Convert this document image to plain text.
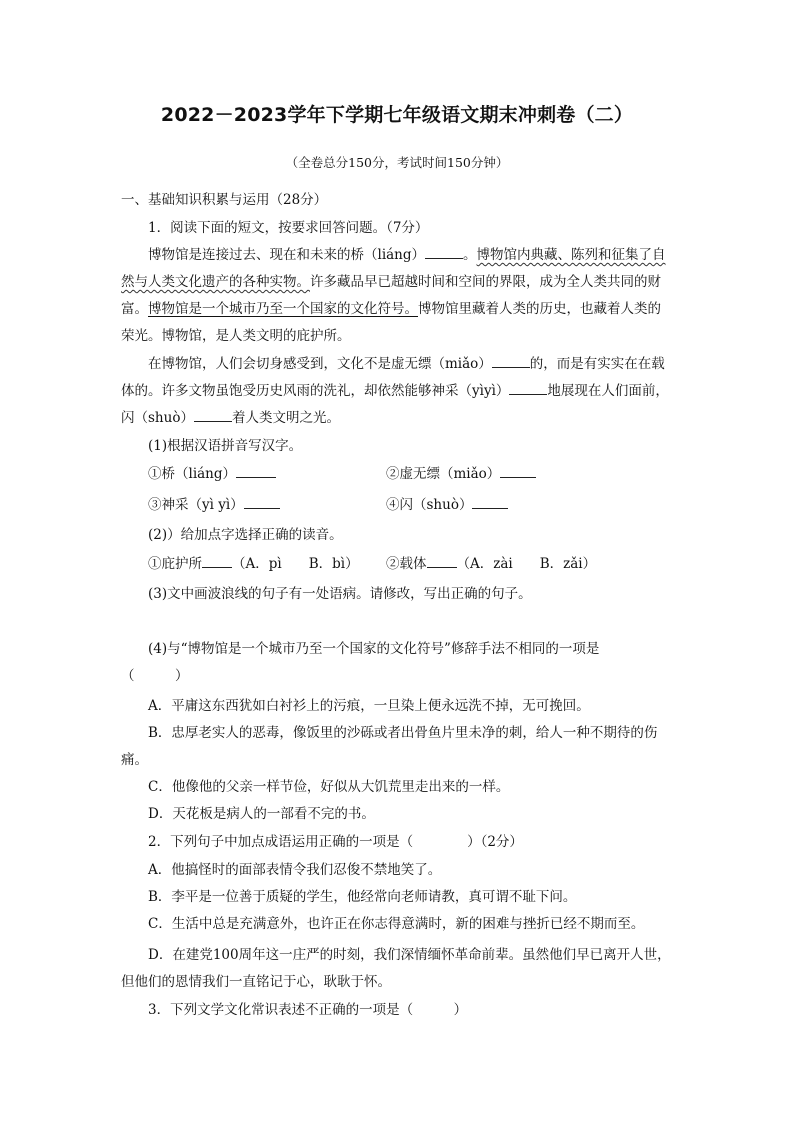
2022－2023学年下学期七年级语文期末冲刺卷（二）
（全卷总分150分，考试时间150分钟）
一、基础知识积累与运用（28分）
1．阅读下面的短文，按要求回答问题。（7分）
博物馆是连接过去、现在和未来的桥（liáng）	。博物馆内典藏、陈列和征集了自
然与人类文化遗产的各种实物。许多藏品早已超越时间和空间的界限，成为全人类共同的财
富。博物馆是一个城市乃至一个国家的文化符号。博物馆里藏着人类的历史，也藏着人类的
荣光。博物馆，是人类文明的庇护所。
在博物馆，人们会切身感受到，文化不是虚无缥（miǎo）	的，而是有实实在在载
体的。许多文物虽饱受历史风雨的洗礼，却依然能够神采（yìyì）	地展现在人们面前，
闪（shuò）	着人类文明之光。
(1)根据汉语拼音写汉字。
①桥（liáng）	②虚无缥（miǎo）
③神采（yì yì）	④闪（shuò）
(2)）给加点字选择正确的读音。
①庇护所 （A．pì　　B．bì） ②载体 （A．zài　　B．zǎi）
(3)文中画波浪线的句子有一处语病。请修改，写出正确的句子。
(4)与“博物馆是一个城市乃至一个国家的文化符号”修辞手法不相同的一项是
（　　　）
A．平庸这东西犹如白衬衫上的污痕，一旦染上便永远洗不掉，无可挽回。
B．忠厚老实人的恶毒，像饭里的沙砾或者出骨鱼片里未净的刺，给人一种不期待的伤
痛。
C．他像他的父亲一样节俭，好似从大饥荒里走出来的一样。
D．天花板是病人的一部看不完的书。
2．下列句子中加点成语运用正确的一项是（　　　　）（2分）
A．他搞怪时的面部表情令我们忍俊不禁地笑了。
B．李平是一位善于质疑的学生，他经常向老师请教，真可谓不耻下问。
C．生活中总是充满意外，也许正在你志得意满时，新的困难与挫折已经不期而至。
D．在建党100周年这一庄严的时刻，我们深情缅怀革命前辈。虽然他们早已离开人世，
但他们的恩情我们一直铭记于心，耿耿于怀。
3．下列文学文化常识表述不正确的一项是（　　　）
